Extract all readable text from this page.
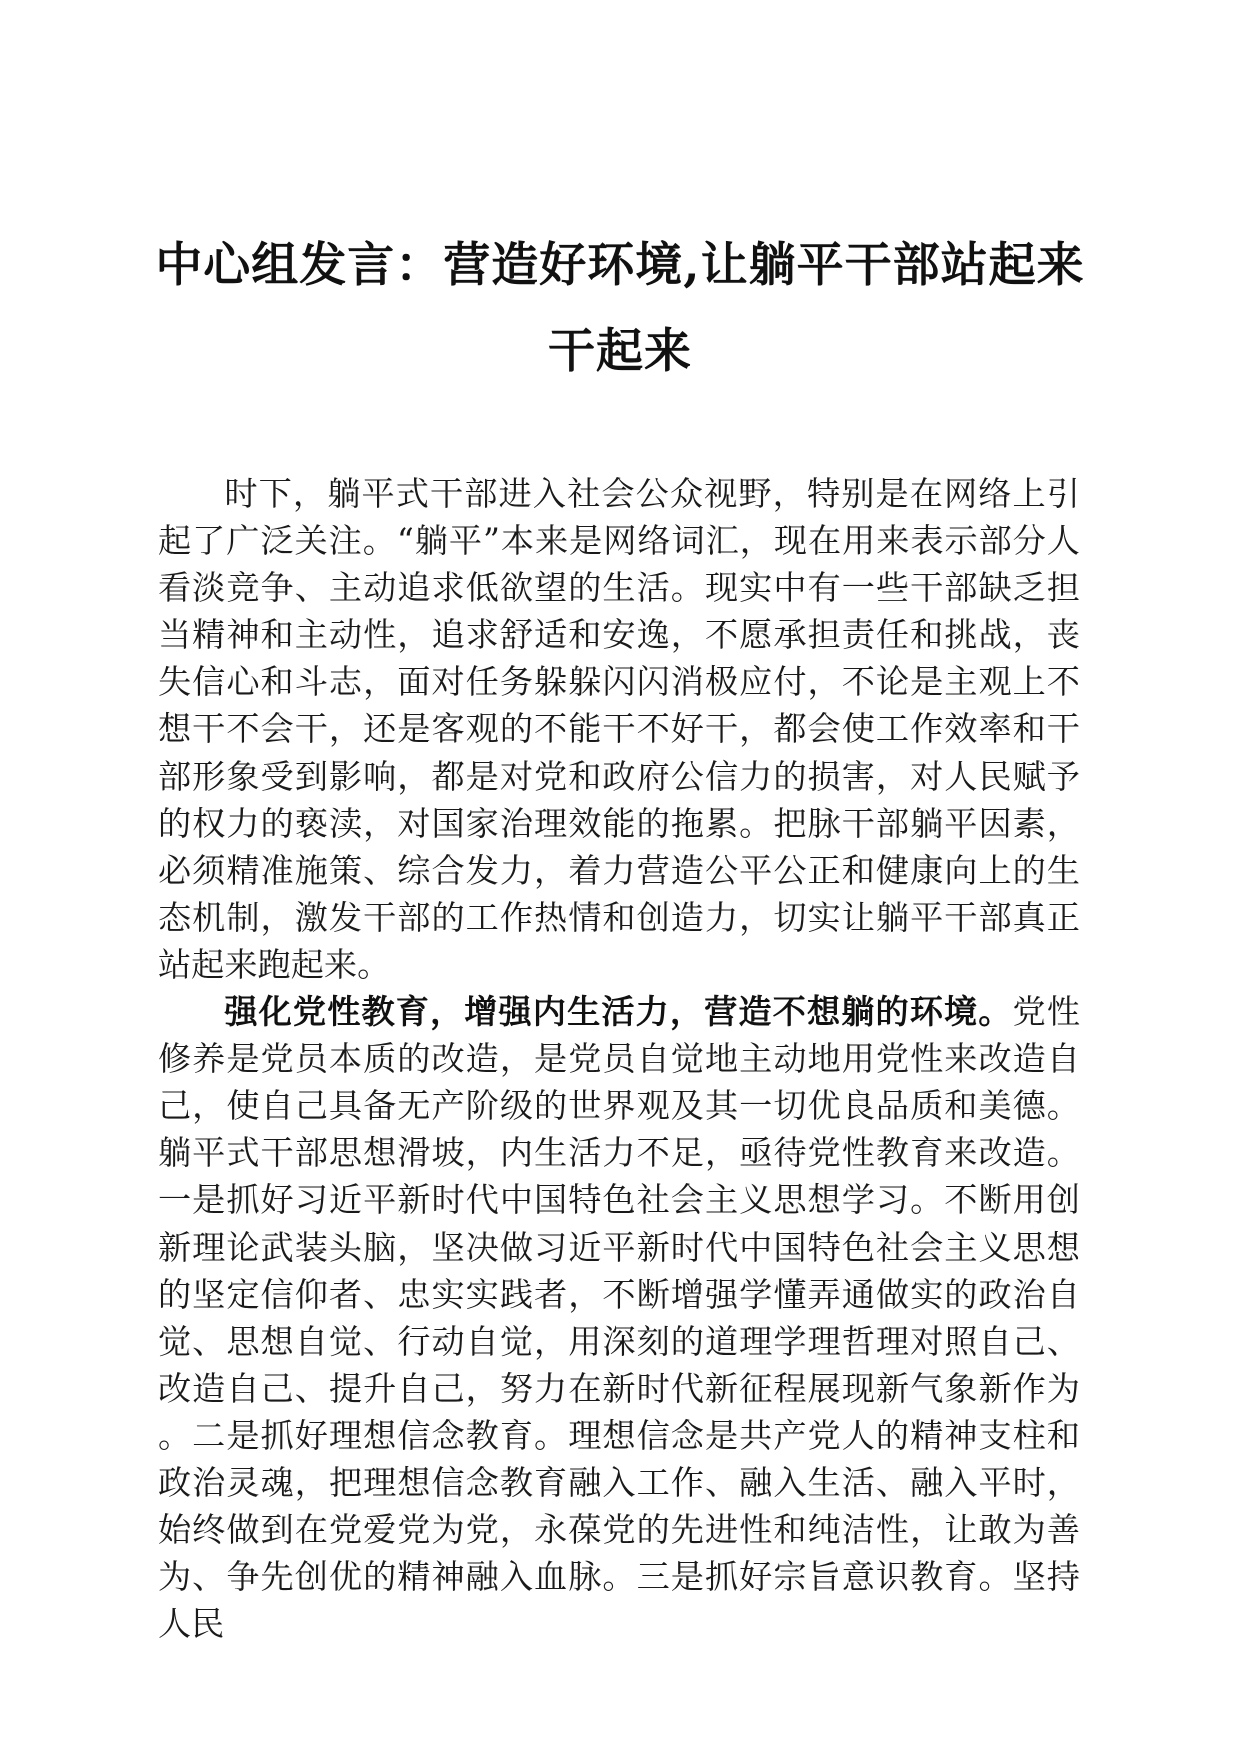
中心组发言：营造好环境,让躺平干部站起来
干起来

时下，躺平式干部进入社会公众视野，特别是在网络上引起了广泛关注。“躺平”本来是网络词汇，现在用来表示部分人看淡竞争、主动追求低欲望的生活。现实中有一些干部缺乏担当精神和主动性，追求舒适和安逸，不愿承担责任和挑战，丧失信心和斗志，面对任务躲躲闪闪消极应付，不论是主观上不想干不会干，还是客观的不能干不好干，都会使工作效率和干部形象受到影响，都是对党和政府公信力的损害，对人民赋予的权力的亵渎，对国家治理效能的拖累。把脉干部躺平因素，必须精准施策、综合发力，着力营造公平公正和健康向上的生态机制，激发干部的工作热情和创造力，切实让躺平干部真正站起来跑起来。

强化党性教育，增强内生活力，营造不想躺的环境。党性修养是党员本质的改造，是党员自觉地主动地用党性来改造自己，使自己具备无产阶级的世界观及其一切优良品质和美德。躺平式干部思想滑坡，内生活力不足，亟待党性教育来改造。一是抓好习近平新时代中国特色社会主义思想学习。不断用创新理论武装头脑，坚决做习近平新时代中国特色社会主义思想的坚定信仰者、忠实实践者，不断增强学懂弄通做实的政治自觉、思想自觉、行动自觉，用深刻的道理学理哲理对照自己、改造自己、提升自己，努力在新时代新征程展现新气象新作为。二是抓好理想信念教育。理想信念是共产党人的精神支柱和政治灵魂，把理想信念教育融入工作、融入生活、融入平时，始终做到在党爱党为党，永葆党的先进性和纯洁性，让敢为善为、争先创优的精神融入血脉。三是抓好宗旨意识教育。坚持人民
